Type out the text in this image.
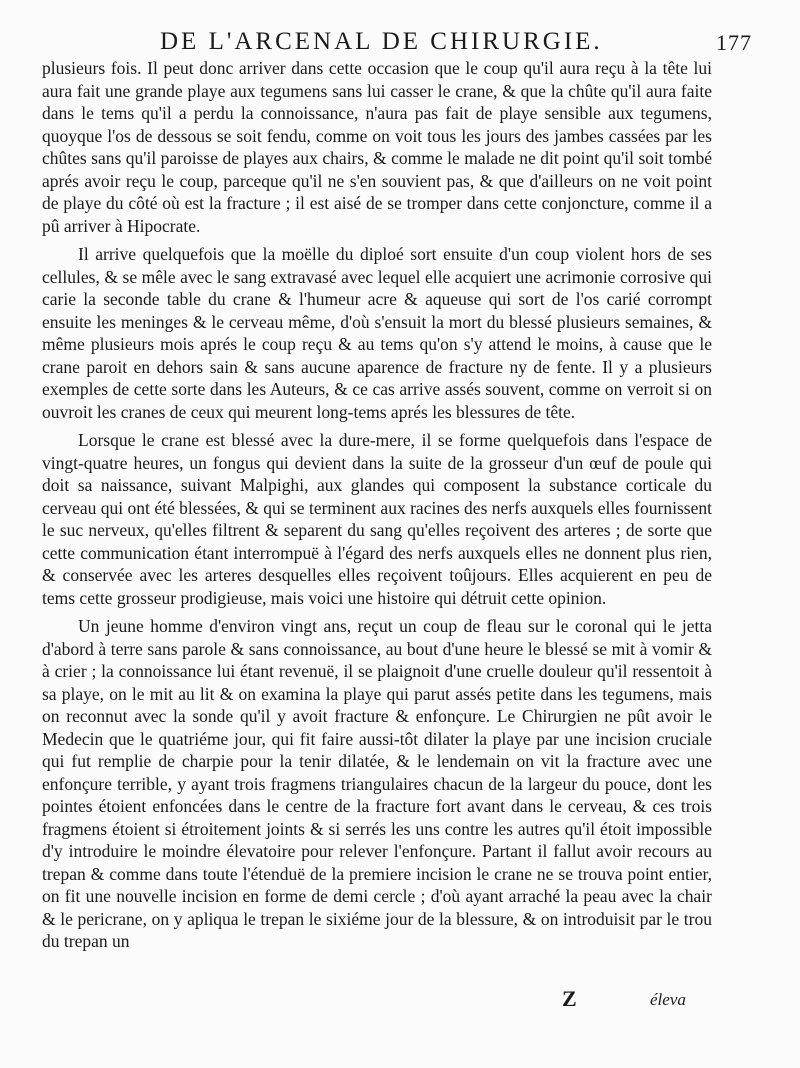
DE L'ARCENAL DE CHIRURGIE.	177

plusieurs fois. Il peut donc arriver dans cette occasion que le coup qu'il aura reçu à la tête lui aura fait une grande playe aux tegumens sans lui casser le crane, & que la chûte qu'il aura faite dans le tems qu'il a perdu la connoissance, n'aura pas fait de playe sensible aux tegumens, quoyque l'os de dessous se soit fendu, comme on voit tous les jours des jambes cassées par les chûtes sans qu'il paroisse de playes aux chairs, & comme le malade ne dit point qu'il soit tombé aprés avoir reçu le coup, parceque qu'il ne s'en souvient pas, & que d'ailleurs on ne voit point de playe du côté où est la fracture ; il est aisé de se tromper dans cette conjoncture, comme il a pû arriver à Hipocrate.

Il arrive quelquefois que la moëlle du diploé sort ensuite d'un coup violent hors de ses cellules, & se mêle avec le sang extravasé avec lequel elle acquiert une acrimonie corrosive qui carie la seconde table du crane & l'humeur acre & aqueuse qui sort de l'os carié corrompt ensuite les meninges & le cerveau même, d'où s'ensuit la mort du blessé plusieurs semaines, & même plusieurs mois aprés le coup reçu & au tems qu'on s'y attend le moins, à cause que le crane paroit en dehors sain & sans aucune aparence de fracture ny de fente. Il y a plusieurs exemples de cette sorte dans les Auteurs, & ce cas arrive assés souvent, comme on verroit si on ouvroit les cranes de ceux qui meurent long-tems aprés les blessures de tête.

Lorsque le crane est blessé avec la dure-mere, il se forme quelquefois dans l'espace de vingt-quatre heures, un fongus qui devient dans la suite de la grosseur d'un œuf de poule qui doit sa naissance, suivant Malpighi, aux glandes qui composent la substance corticale du cerveau qui ont été blessées, & qui se terminent aux racines des nerfs auxquels elles fournissent le suc nerveux, qu'elles filtrent & separent du sang qu'elles reçoivent des arteres ; de sorte que cette communication étant interrompuë à l'égard des nerfs auxquels elles ne donnent plus rien, & conservée avec les arteres desquelles elles reçoivent toûjours. Elles acquierent en peu de tems cette grosseur prodigieuse, mais voici une histoire qui détruit cette opinion.

Un jeune homme d'environ vingt ans, reçut un coup de fleau sur le coronal qui le jetta d'abord à terre sans parole & sans connoissance, au bout d'une heure le blessé se mit à vomir & à crier ; la connoissance lui étant revenuë, il se plaignoit d'une cruelle douleur qu'il ressentoit à sa playe, on le mit au lit & on examina la playe qui parut assés petite dans les tegumens, mais on reconnut avec la sonde qu'il y avoit fracture & enfonçure. Le Chirurgien ne pût avoir le Medecin que le quatriéme jour, qui fit faire aussi-tôt dilater la playe par une incision cruciale qui fut remplie de charpie pour la tenir dilatée, & le lendemain on vit la fracture avec une enfonçure terrible, y ayant trois fragmens triangulaires chacun de la largeur du pouce, dont les pointes étoient enfoncées dans le centre de la fracture fort avant dans le cerveau, & ces trois fragmens étoient si étroitement joints & si serrés les uns contre les autres qu'il étoit impossible d'y introduire le moindre élevatoire pour relever l'enfonçure. Partant il fallut avoir recours au trepan & comme dans toute l'étenduë de la premiere incision le crane ne se trouva point entier, on fit une nouvelle incision en forme de demi cercle ; d'où ayant arraché la peau avec la chair & le pericrane, on y apliqua le trepan le sixiéme jour de la blessure, & on introduisit par le trou du trepan un

Z	éleva
